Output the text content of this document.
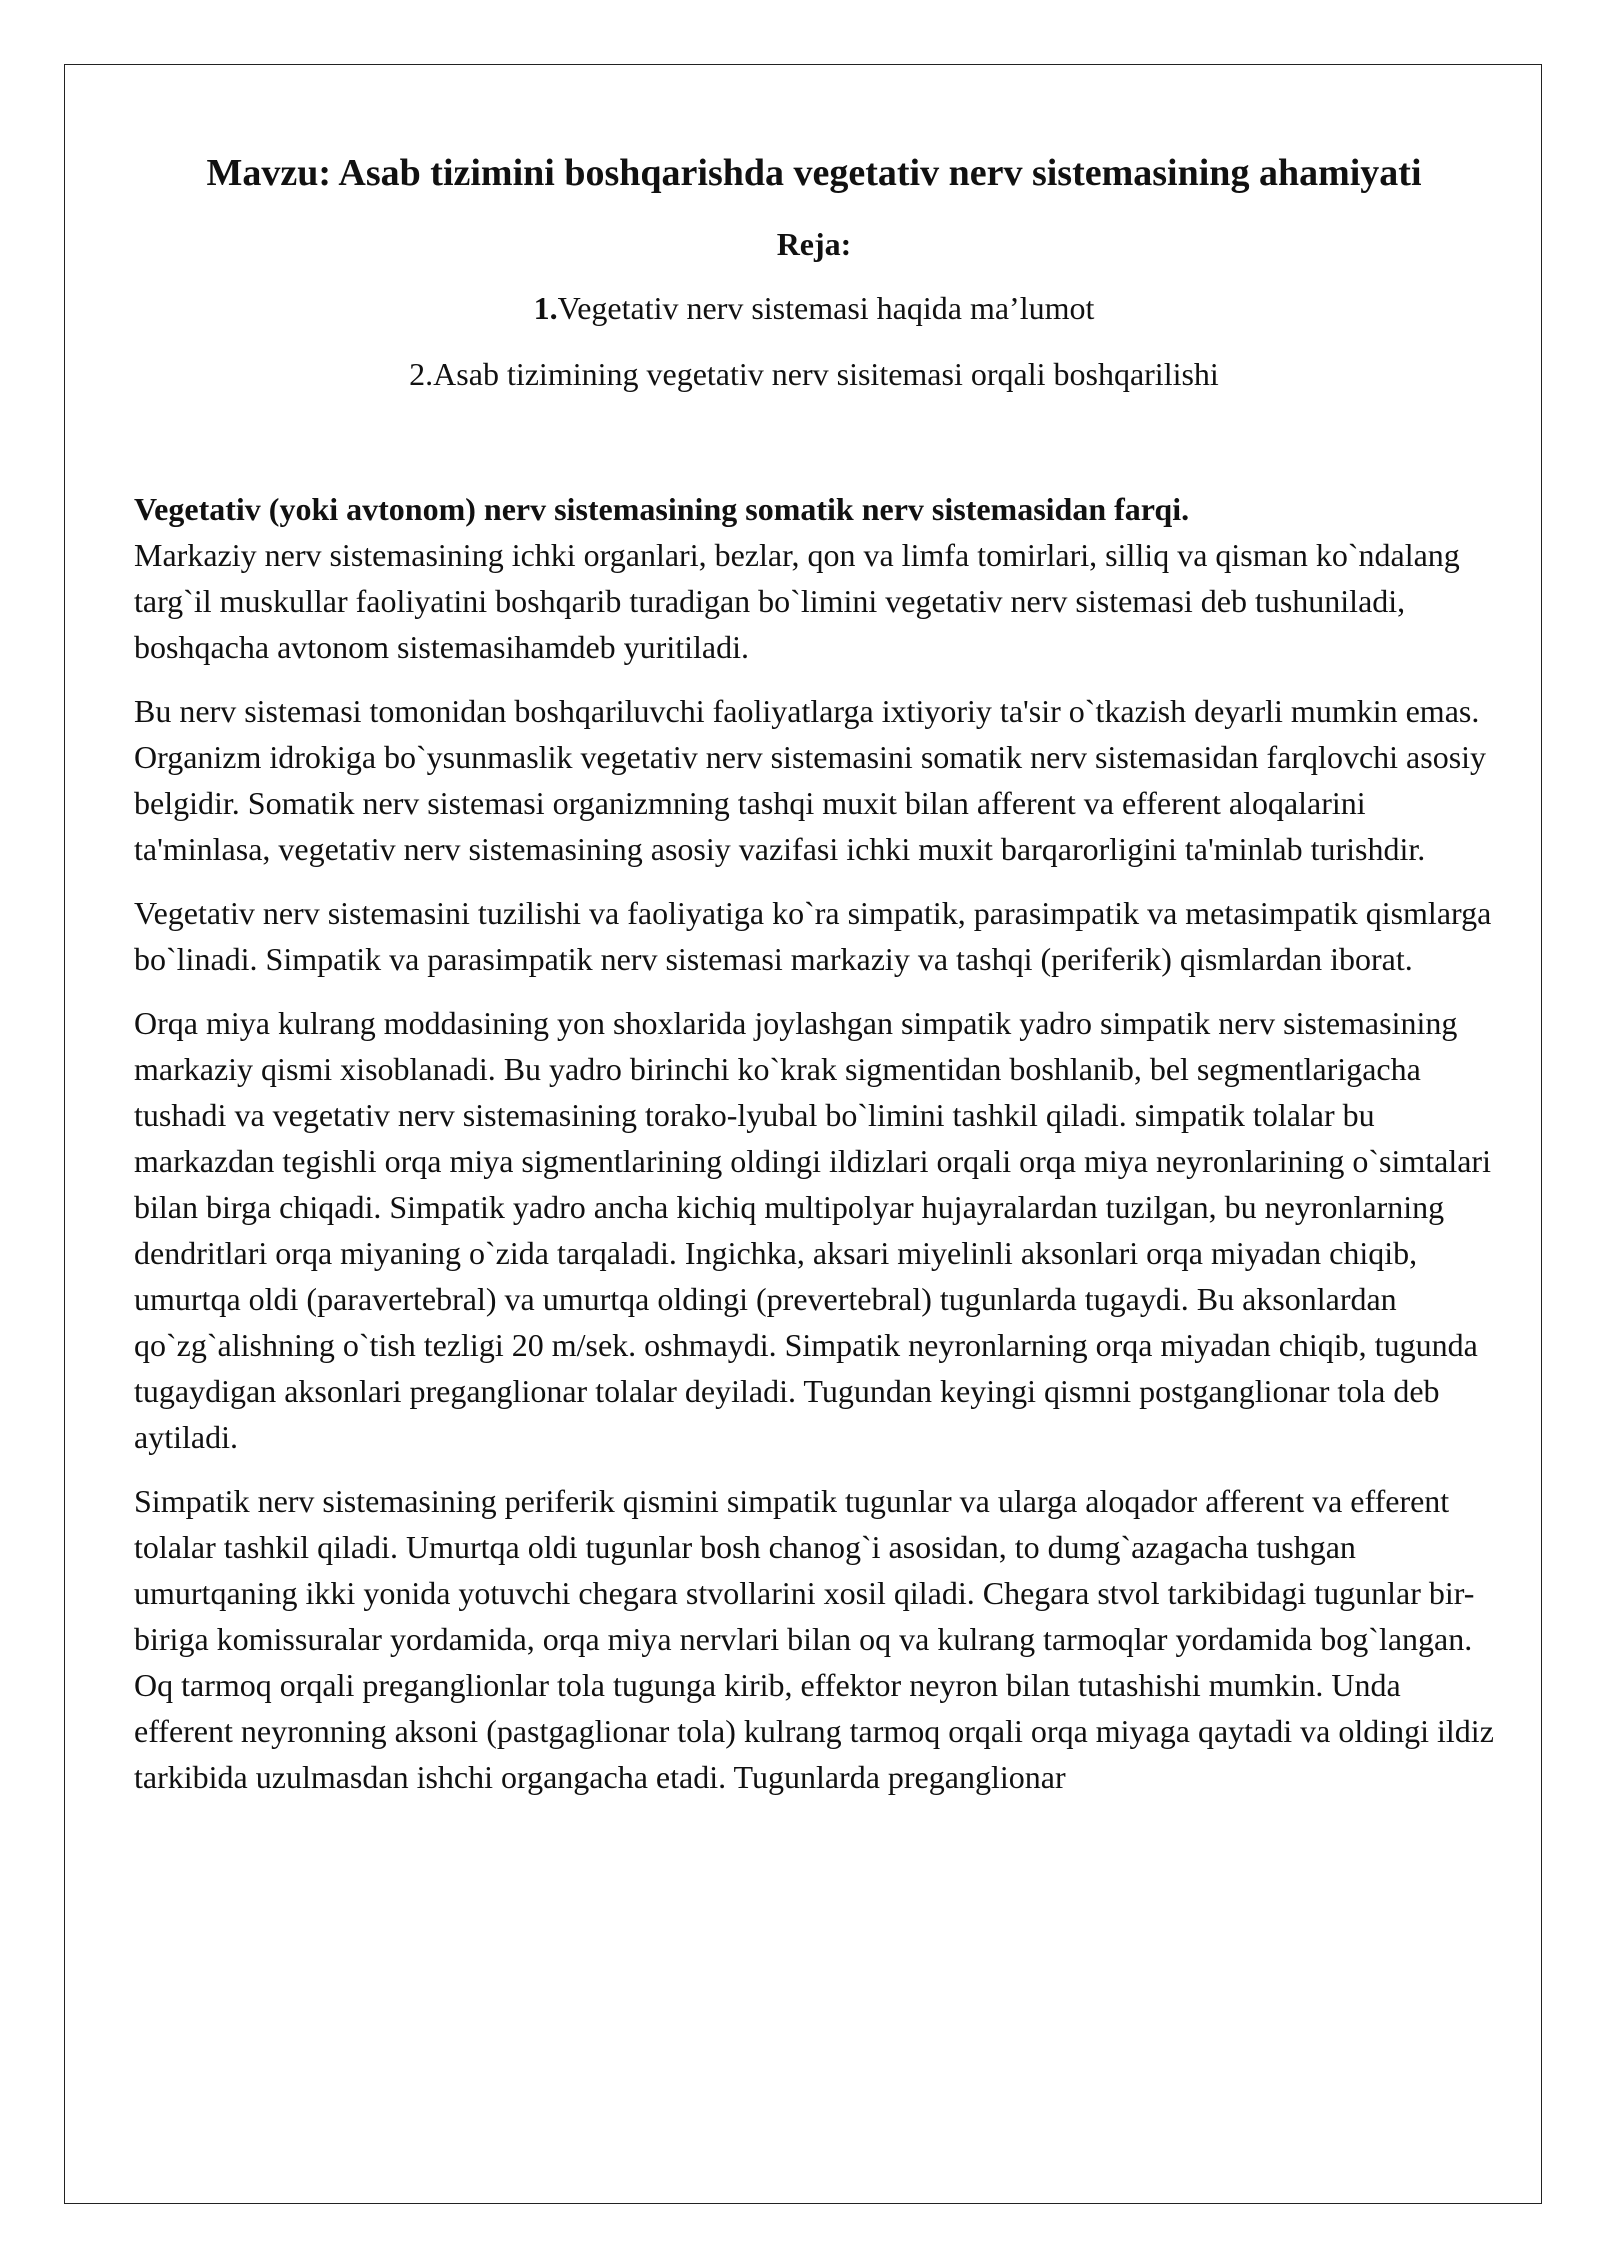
Mavzu: Asab tizimini boshqarishda vegetativ nerv sistemasining ahamiyati
Reja:
1.Vegetativ nerv sistemasi haqida ma’lumot
2.Asab tizimining vegetativ nerv sisitemasi orqali boshqarilishi

Vegetativ (yoki avtonom) nerv sistemasining somatik nerv sistemasidan farqi.
Markaziy nerv sistemasining ichki organlari, bezlar, qon va limfa tomirlari, silliq va qisman ko`ndalang targ`il muskullar faoliyatini boshqarib turadigan bo`limini vegetativ nerv sistemasi deb tushuniladi, boshqacha avtonom sistemasihamdeb yuritiladi.

Bu nerv sistemasi tomonidan boshqariluvchi faoliyatlarga ixtiyoriy ta'sir o`tkazish deyarli mumkin emas. Organizm idrokiga bo`ysunmaslik vegetativ nerv sistemasini somatik nerv sistemasidan farqlovchi asosiy belgidir. Somatik nerv sistemasi organizmning tashqi muxit bilan afferent va efferent aloqalarini ta'minlasa, vegetativ nerv sistemasining asosiy vazifasi ichki muxit barqarorligini ta'minlab turishdir.

Vegetativ nerv sistemasini tuzilishi va faoliyatiga ko`ra simpatik, parasimpatik va metasimpatik qismlarga bo`linadi. Simpatik va parasimpatik nerv sistemasi markaziy va tashqi (periferik) qismlardan iborat.

Orqa miya kulrang moddasining yon shoxlarida joylashgan simpatik yadro simpatik nerv sistemasining markaziy qismi xisoblanadi. Bu yadro birinchi ko`krak sigmentidan boshlanib, bel segmentlarigacha tushadi va vegetativ nerv sistemasining torako-lyubal bo`limini tashkil qiladi. simpatik tolalar bu markazdan tegishli orqa miya sigmentlarining oldingi ildizlari orqali orqa miya neyronlarining o`simtalari bilan birga chiqadi. Simpatik yadro ancha kichiq multipolyar hujayralardan tuzilgan, bu neyronlarning dendritlari orqa miyaning o`zida tarqaladi. Ingichka, aksari miyelinli aksonlari orqa miyadan chiqib, umurtqa oldi (paravertebral) va umurtqa oldingi (prevertebral) tugunlarda tugaydi. Bu aksonlardan qo`zg`alishning o`tish tezligi 20 m/sek. oshmaydi. Simpatik neyronlarning orqa miyadan chiqib, tugunda tugaydigan aksonlari preganglionar tolalar deyiladi. Tugundan keyingi qismni postganglionar tola deb aytiladi.

Simpatik nerv sistemasining periferik qismini simpatik tugunlar va ularga aloqador afferent va efferent tolalar tashkil qiladi. Umurtqa oldi tugunlar bosh chanog`i asosidan, to dumg`azagacha tushgan umurtqaning ikki yonida yotuvchi chegara stvollarini xosil qiladi. Chegara stvol tarkibidagi tugunlar bir-biriga komissuralar yordamida, orqa miya nervlari bilan oq va kulrang tarmoqlar yordamida bog`langan. Oq tarmoq orqali preganglionlar tola tugunga kirib, effektor neyron bilan tutashishi mumkin. Unda efferent neyronning aksoni (pastgaglionar tola) kulrang tarmoq orqali orqa miyaga qaytadi va oldingi ildiz tarkibida uzulmasdan ishchi organgacha etadi. Tugunlarda preganglionar
